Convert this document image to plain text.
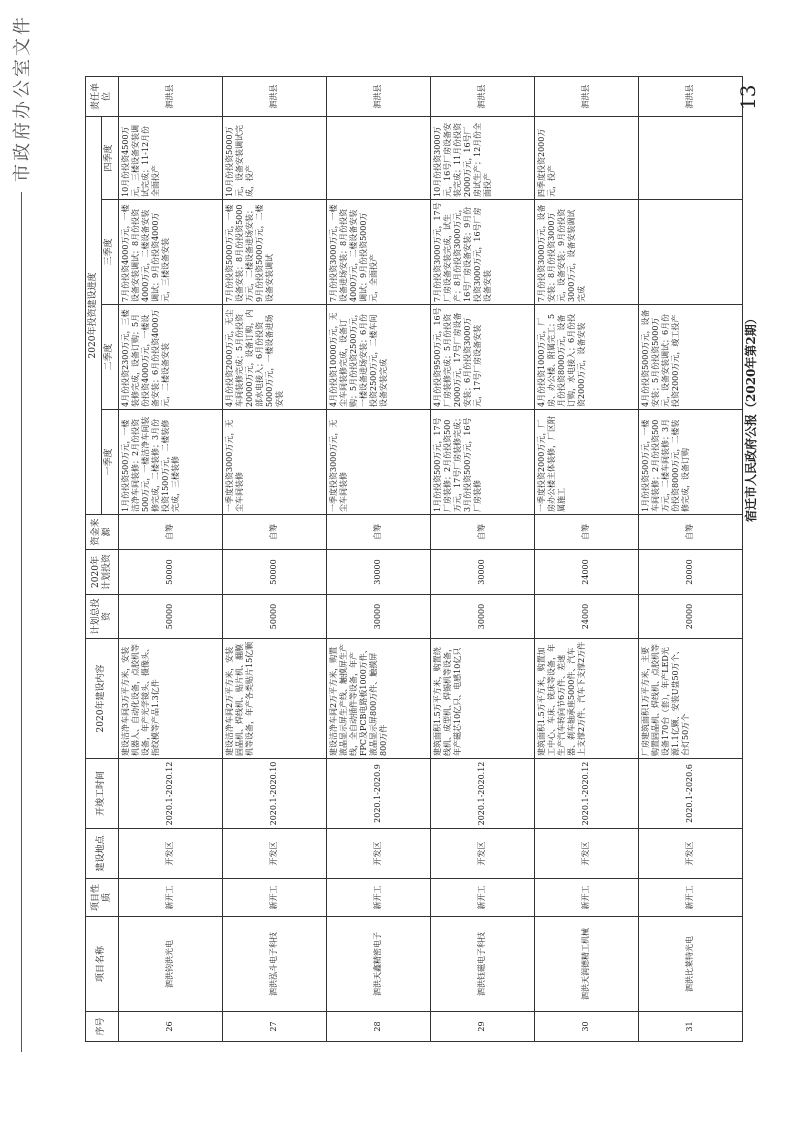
市政府办公室文件
序号	项目名称	项目性质	建设地点	开竣工时间	2020年建设内容	计划总投资	2020年计划投资	资金来源	2020年投资建设进度				责任单位
									一季度	二季度	三季度	四季度	
26	泗洪钧洪光电	新开工	开发区	2020.1-2020.12	建设洁净车间3万平方米，安装机器人、自动化设备，点胶机等设备，年产光学镜头、摄像头、指纹模等产品1.3亿件	50000	50000	自筹	1月份投资500万元，一楼洁净车间装修；2月份投资500万元，一楼洁净车间装修完成，二楼装修；3月份投资1500万元，二楼装修完成，三楼装修	4月份投资2300万元，三楼装修完成，设备订购；5月份投资4000万元，一楼设备安装；6月份投资4000万元，二楼设备安装	7月份投资4000万元，一楼设备安装调试；8月份投资4000万元，二楼设备安装调试；9月份投资4000万元，三楼设备安装	10月份投资4500万元，三楼设备安装调试完成；11-12月份全面投产	泗洪县
27	泗洪泓斗电子科技	新开工	开发区	2020.1-2020.10	建设洁净车间2万平方米，安装固晶机、焊线机、贴片机、翻膜机等设备，年产各类贴片15亿颗	50000	50000	自筹	一季度投资3000万元，无尘车间装修	4月份投资2000万元，无尘车间装修完成；5月份投资20000万元，设备订购，内部水电接入；6月份投资5000万元，一楼设备进场安装	7月份投资5000万元，一楼设备安装；8月份投资5000万元，二楼设备进场安装；9月份投资5000万元，二楼设备安装调试	10月份投资5000万元，设备安装调试完成，投产	泗洪县
28	泗洪天鑫精密电子	新开工	开发区	2020.1-2020.9	建设洁净车间2万平方米，购置液晶显示屏生产线、触摸屏生产线，全自动插件等设备，年产FPC及PCB电路板1000万件、液晶显示屏800万件、触摸屏800万件	30000	30000	自筹	一季度投资3000万元，无尘车间装修	4月份投资10000万元，无尘车间装修完成，设备订购；5月份投资2500万元，一楼设备进场安装；6月份投资2500万元，二楼车间设备安装完成	7月份投资3000万元，一楼设备进场安装；8月份投资4000万元，二楼设备安装调试；9月份投资5000万元，全面投产		泗洪县
29	泗洪钰磁电子科技	新开工	开发区	2020.1-2020.12	建筑面积1.5万平方米，购置绕线机、成型机、焊锡机等设备，年产磁芯10亿只、电感10亿只	30000	30000	自筹	1月份投资500万元，17号厂房装修；2月份投资500万元，17号厂房装修完成；3月份投资500万元，16号厂房装修	4月份投资9500万元，16号厂房装修完成；5月份投资2000万元，17号厂房设备安装；6月份投资3000万元，17号厂房设备安装	7月份投资3000万元，17号厂房设备安装完成，试生产；8月份投资3000万元，16号厂房设备安装；9月份投资3000万元，16号厂房设备安装	10月份投资3000万元，16号厂房设备安装完成；11月份投资2000万元，16号厂房试生产；12月份全面投产	泗洪县
30	泗洪天润德精工机械	新开工	开发区	2020.1-2020.12	建筑面积1.5万平方米，购置加工中心、车床、铣床等设备，年生产汽车转向节6万件、差速器、刹车轴承座5000件、汽车上支撑2万件、汽车下支撑2万件	24000	24000	自筹	一季度投资2000万元，厂房办公楼主体装修，厂区附属施工	4月份投资1000万元，厂房、办公楼、附属完工；5月份投资8000万元，设备订购，水电接入；6月份投资2000万元，设备安装	7月份投资3000万元，设备安装；8月份投资3000万元，设备安装；9月份投资3000万元，设备安装调试完成	四季度投资2000万元，投产	泗洪县
31	泗洪比莱特光电	新开工	开发区	2020.1-2020.6	厂房建筑面积1万平方米，主要购置固晶机、焊线机、点胶机等设备170台（套），年产LED光源1.1亿颗、安装U盘50万个、台灯50万个	20000	20000	自筹	1月份投资500万元，一楼车间装修；2月份投资500万元，二楼车间装修；3月份投资8000万元，二楼装修完成，设备订购	4月份投资5000万元，设备安装；5月份投资5000万元，设备安装调试；6月份投资2000万元，竣工投产			泗洪县
宿迁市人民政府公报（2020年第2期）
13
